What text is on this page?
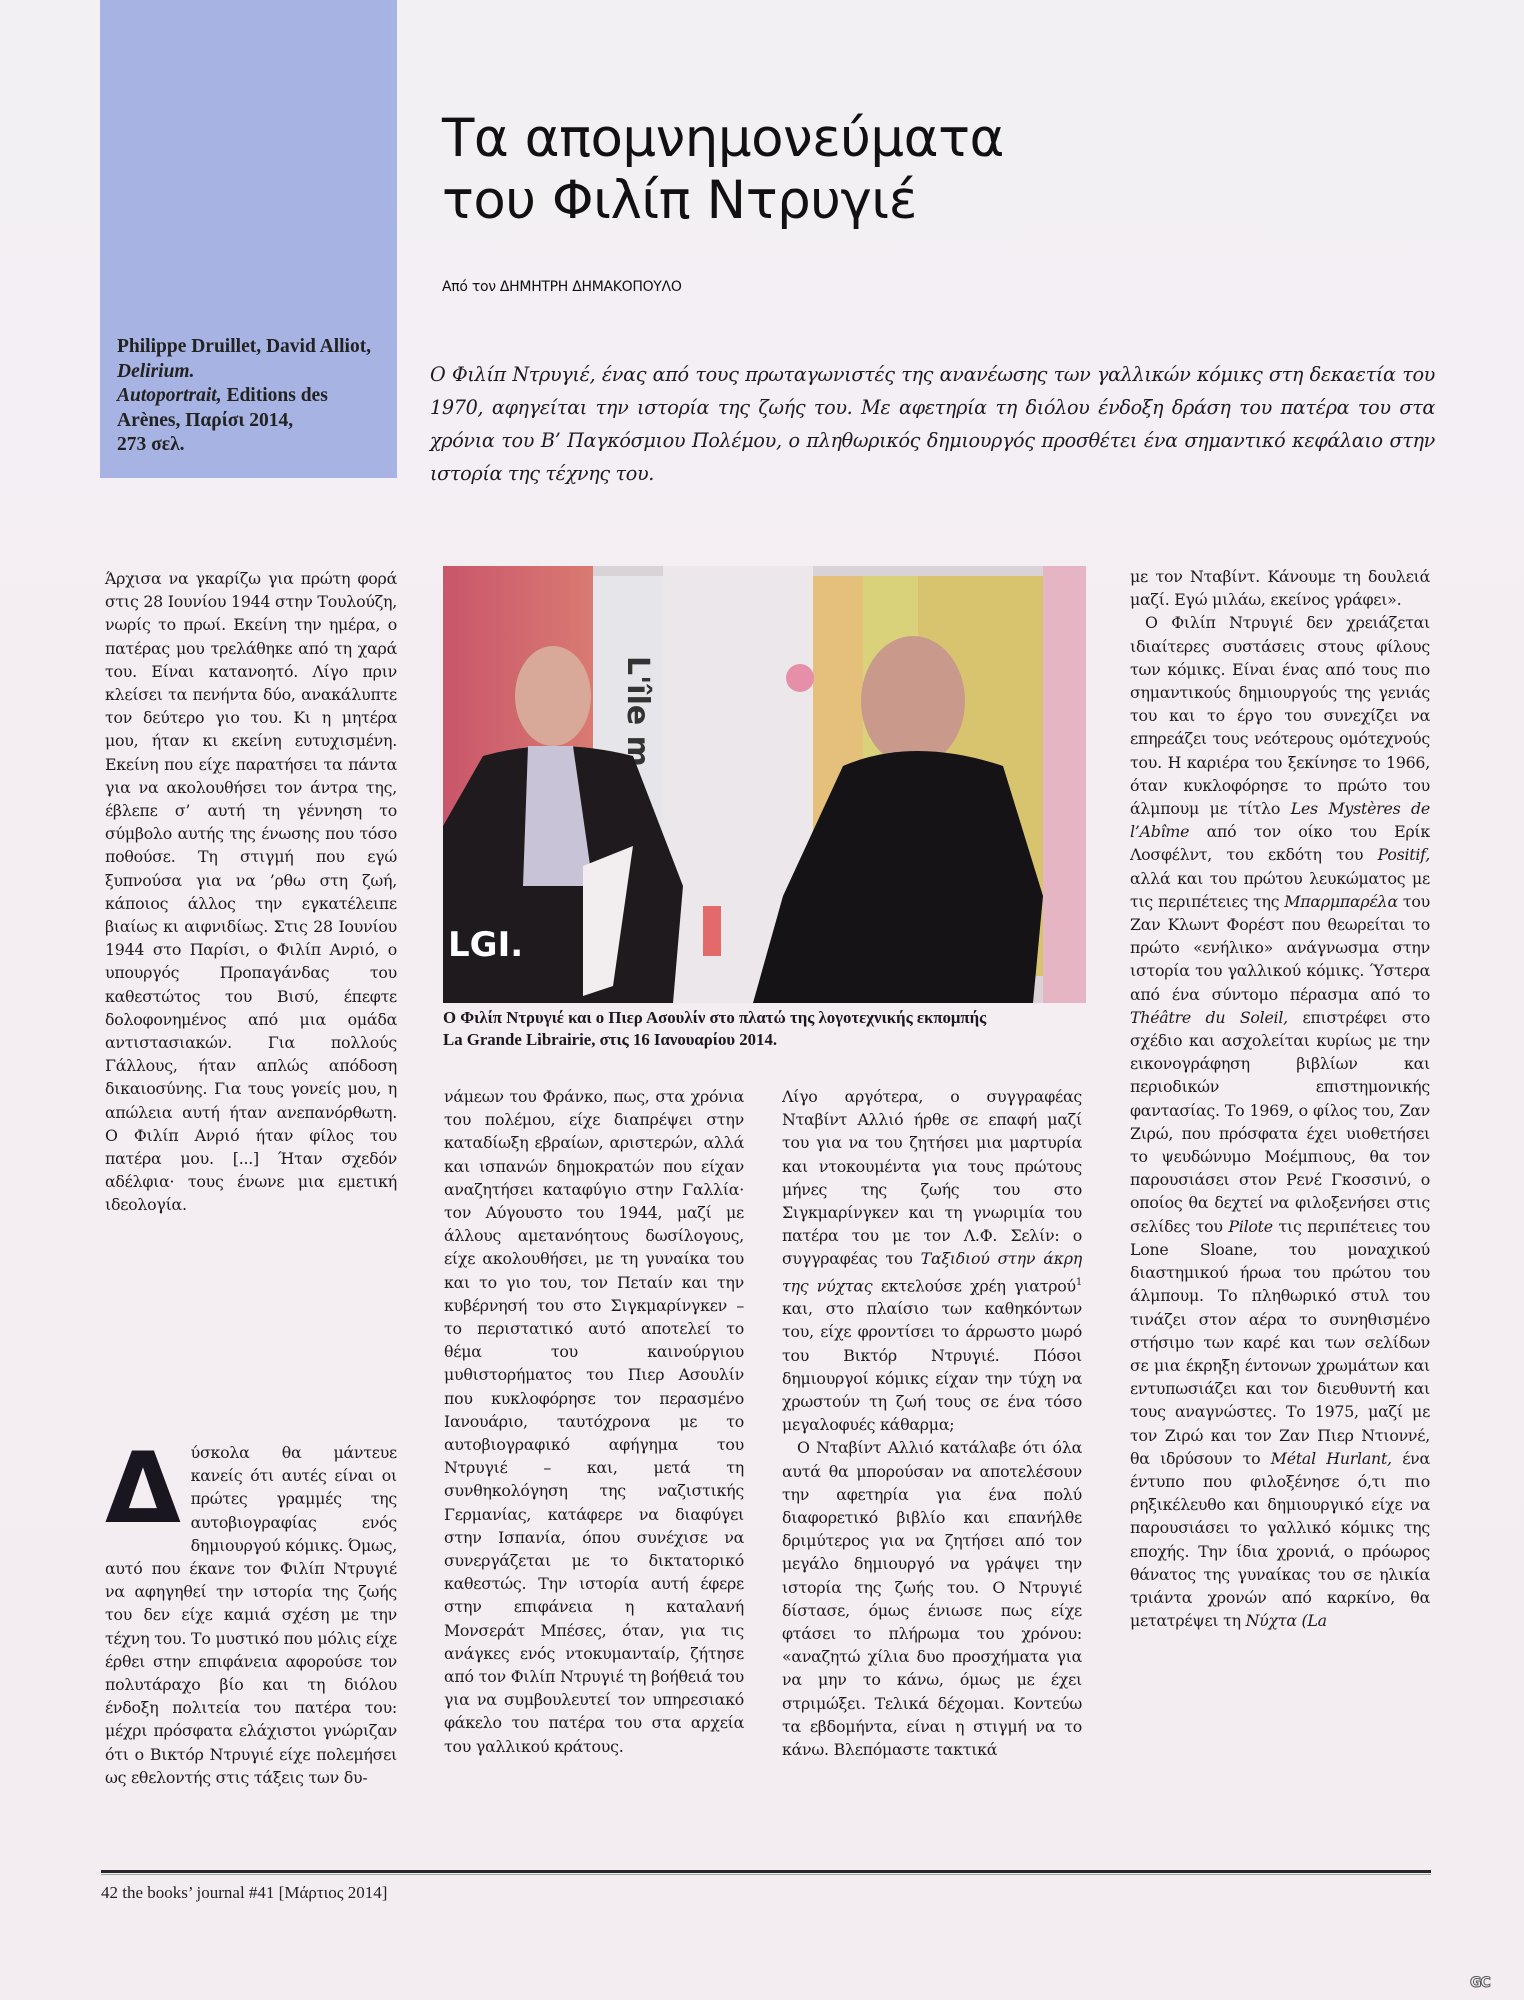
Philippe Druillet, David Alliot, Delirium.
Autoportrait, Editions des Arènes, Παρίσι 2014,
273 σελ.
Τα απομνημονεύματα
του Φιλίπ Ντρυγιέ
Από τον ΔΗΜΗΤΡΗ ΔΗΜΑΚΟΠΟΥΛΟ
Ο Φιλίπ Ντρυγιέ, ένας από τους πρωταγωνιστές της ανανέωσης των γαλλικών κόμικς στη δεκαετία του 1970, αφηγείται την ιστορία της ζωής του. Με αφετηρία τη διόλου ένδοξη δράση του πατέρα του στα χρόνια του Β’ Παγκόσμιου Πολέμου, ο πληθωρικός δημιουργός προσθέτει ένα σημαντικό κεφάλαιο στην ιστορία της τέχνης του.

Άρχισα να γκαρίζω για πρώτη φορά στις 28 Ιουνίου 1944 στην Τουλούζη, νωρίς το πρωί. Εκείνη την ημέρα, ο πατέρας μου τρελάθηκε από τη χαρά του. Είναι κατανοητό. Λίγο πριν κλείσει τα πενήντα δύο, ανακάλυπτε τον δεύτερο γιο του. Κι η μητέρα μου, ήταν κι εκείνη ευτυχισμένη. Εκείνη που είχε παρατήσει τα πάντα για να ακολουθήσει τον άντρα της, έβλεπε σ’ αυτή τη γέννηση το σύμβολο αυτής της ένωσης που τόσο ποθούσε. Τη στιγμή που εγώ ξυπνούσα για να ’ρθω στη ζωή, κάποιος άλλος την εγκατέλειπε βιαίως κι αιφνιδίως. Στις 28 Ιουνίου 1944 στο Παρίσι, ο Φιλίπ Ανριό, ο υπουργός Προπαγάνδας του καθεστώτος του Βισύ, έπεφτε δολοφονημένος από μια ομάδα αντιστασιακών. Για πολλούς Γάλλους, ήταν απλώς απόδοση δικαιοσύνης. Για τους γονείς μου, η απώλεια αυτή ήταν ανεπανόρθωτη. Ο Φιλίπ Ανριό ήταν φίλος του πατέρα μου. [...] Ήταν σχεδόν αδέλφια· τους ένωνε μια εμετική ιδεολογία.

Δ ύσκολα θα μάντευε κανείς ότι αυτές είναι οι πρώτες γραμμές της αυτοβιογραφίας ενός δημιουργού κόμικς. Όμως, αυτό που έκανε τον Φιλίπ Ντρυγιέ να αφηγηθεί την ιστορία της ζωής του δεν είχε καμιά σχέση με την τέχνη του. Το μυστικό που μόλις είχε έρθει στην επιφάνεια αφορούσε τον πολυτάραχο βίο και τη διόλου ένδοξη πολιτεία του πατέρα του: μέχρι πρόσφατα ελάχιστοι γνώριζαν ότι ο Βικτόρ Ντρυγιέ είχε πολεμήσει ως εθελοντής στις τάξεις των δυ-
L'île m
LGI.
Ο Φιλίπ Ντρυγιέ και ο Πιερ Ασουλίν στο πλατώ της λογοτεχνικής εκπομπής
La Grande Librairie, στις 16 Ιανουαρίου 2014.

νάμεων του Φράνκο, πως, στα χρόνια του πολέμου, είχε διαπρέψει στην καταδίωξη εβραίων, αριστερών, αλλά και ισπανών δημοκρατών που είχαν αναζητήσει καταφύγιο στην Γαλλία· τον Αύγουστο του 1944, μαζί με άλλους αμετανόητους δωσίλογους, είχε ακολουθήσει, με τη γυναίκα του και το γιο του, τον Πεταίν και την κυβέρνησή του στο Σιγκμαρίνγκεν – το περιστατικό αυτό αποτελεί το θέμα του καινούργιου μυθιστορήματος του Πιερ Ασουλίν που κυκλοφόρησε τον περασμένο Ιανουάριο, ταυτόχρονα με το αυτοβιογραφικό αφήγημα του Ντρυγιέ – και, μετά τη συνθηκολόγηση της ναζιστικής Γερμανίας, κατάφερε να διαφύγει στην Ισπανία, όπου συνέχισε να συνεργάζεται με το δικτατορικό καθεστώς. Την ιστορία αυτή έφερε στην επιφάνεια η καταλανή Μονσεράτ Μπέσες, όταν, για τις ανάγκες ενός ντοκυμανταίρ, ζήτησε από τον Φιλίπ Ντρυγιέ τη βοήθειά του για να συμβουλευτεί τον υπηρεσιακό φάκελο του πατέρα του στα αρχεία του γαλλικού κράτους.

Λίγο αργότερα, ο συγγραφέας Νταβίντ Αλλιό ήρθε σε επαφή μαζί του για να του ζητήσει μια μαρτυρία και ντοκουμέντα για τους πρώτους μήνες της ζωής του στο Σιγκμαρίνγκεν και τη γνωριμία του πατέρα του με τον Λ.Φ. Σελίν: ο συγγραφέας του Ταξιδιού στην άκρη της νύχτας εκτελούσε χρέη γιατρού$^1$ και, στο πλαίσιο των καθηκόντων του, είχε φροντίσει το άρρωστο μωρό του Βικτόρ Ντρυγιέ. Πόσοι δημιουργοί κόμικς είχαν την τύχη να χρωστούν τη ζωή τους σε ένα τόσο μεγαλοφυές κάθαρμα;

Ο Νταβίντ Αλλιό κατάλαβε ότι όλα αυτά θα μπορούσαν να αποτελέσουν την αφετηρία για ένα πολύ διαφορετικό βιβλίο και επανήλθε δριμύτερος για να ζητήσει από τον μεγάλο δημιουργό να γράψει την ιστορία της ζωής του. Ο Ντρυγιέ δίστασε, όμως ένιωσε πως είχε φτάσει το πλήρωμα του χρόνου: «αναζητώ χίλια δυο προσχήματα για να μην το κάνω, όμως με έχει στριμώξει. Τελικά δέχομαι. Κοντεύω τα εβδομήντα, είναι η στιγμή να το κάνω. Βλεπόμαστε τακτικά

με τον Νταβίντ. Κάνουμε τη δουλειά μαζί. Εγώ μιλάω, εκείνος γράφει».

Ο Φιλίπ Ντρυγιέ δεν χρειάζεται ιδιαίτερες συστάσεις στους φίλους των κόμικς. Είναι ένας από τους πιο σημαντικούς δημιουργούς της γενιάς του και το έργο του συνεχίζει να επηρεάζει τους νεότερους ομότεχνούς του. Η καριέρα του ξεκίνησε το 1966, όταν κυκλοφόρησε το πρώτο του άλμπουμ με τίτλο Les Mystères de l’Abîme από τον οίκο του Ερίκ Λοσφέλντ, του εκδότη του Positif, αλλά και του πρώτου λευκώματος με τις περιπέτειες της Μπαρμπαρέλα του Ζαν Κλωντ Φορέστ που θεωρείται το πρώτο «ενήλικο» ανάγνωσμα στην ιστορία του γαλλικού κόμικς. Ύστερα από ένα σύντομο πέρασμα από το Théâtre du Soleil, επιστρέφει στο σχέδιο και ασχολείται κυρίως με την εικονογράφηση βιβλίων και περιοδικών επιστημονικής φαντασίας. Το 1969, ο φίλος του, Ζαν Ζιρώ, που πρόσφατα έχει υιοθετήσει το ψευδώνυμο Μοέμπιους, θα τον παρουσιάσει στον Ρενέ Γκοσσινύ, ο οποίος θα δεχτεί να φιλοξενήσει στις σελίδες του Pilote τις περιπέτειες του Lone Sloane, του μοναχικού διαστημικού ήρωα του πρώτου του άλμπουμ. Το πληθωρικό στυλ του τινάζει στον αέρα το συνηθισμένο στήσιμο των καρέ και των σελίδων σε μια έκρηξη έντονων χρωμάτων και εντυπωσιάζει και τον διευθυντή και τους αναγνώστες. Το 1975, μαζί με τον Ζιρώ και τον Ζαν Πιερ Ντιοννέ, θα ιδρύσουν το Métal Hurlant, ένα έντυπο που φιλοξένησε ό,τι πιο ρηξικέλευθο και δημιουργικό είχε να παρουσιάσει το γαλλικό κόμικς της εποχής. Την ίδια χρονιά, ο πρόωρος θάνατος της γυναίκας του σε ηλικία τριάντα χρονών από καρκίνο, θα μετατρέψει τη Νύχτα (La

42 the books’ journal #41 [Μάρτιος 2014]
GC
